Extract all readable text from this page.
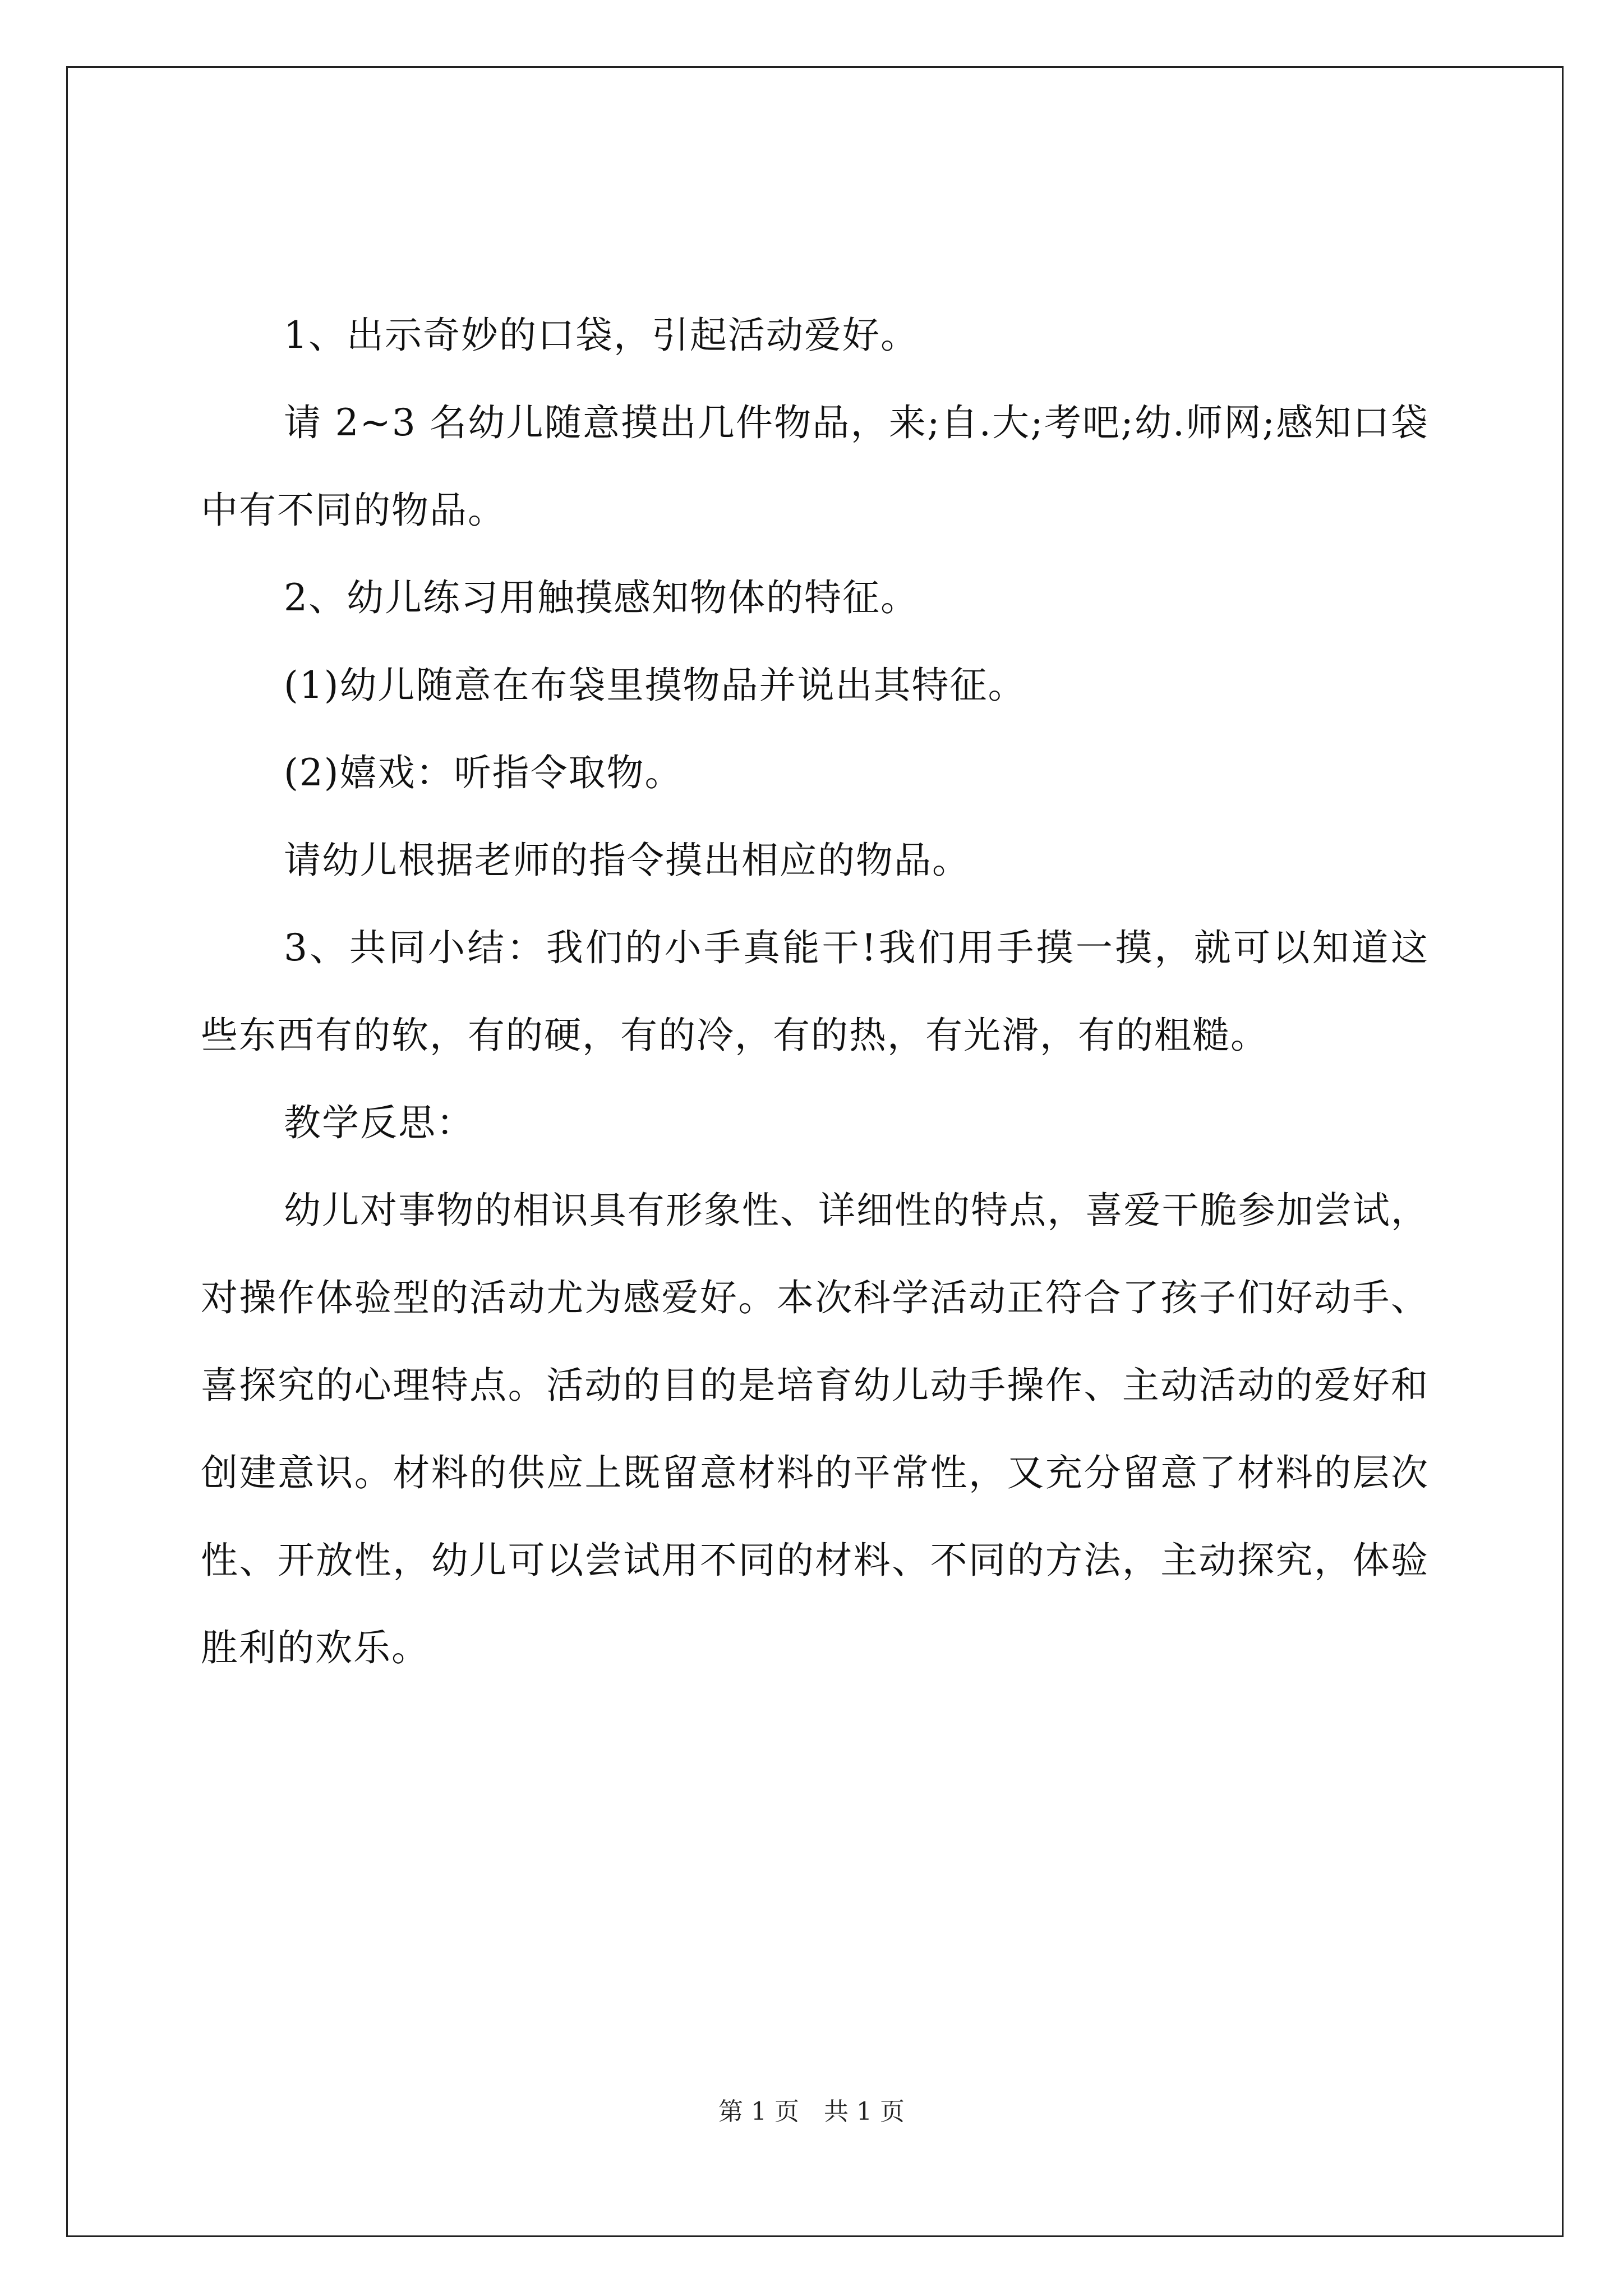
1、出示奇妙的口袋，引起活动爱好。

请 2~3 名幼儿随意摸出几件物品，来;自.大;考吧;幼.师网;感知口袋中有不同的物品。

2、幼儿练习用触摸感知物体的特征。

(1)幼儿随意在布袋里摸物品并说出其特征。

(2)嬉戏：听指令取物。

请幼儿根据老师的指令摸出相应的物品。

3、共同小结：我们的小手真能干!我们用手摸一摸，就可以知道这些东西有的软，有的硬，有的冷，有的热，有光滑，有的粗糙。

教学反思：

幼儿对事物的相识具有形象性、详细性的特点，喜爱干脆参加尝试，对操作体验型的活动尤为感爱好。本次科学活动正符合了孩子们好动手、喜探究的心理特点。活动的目的是培育幼儿动手操作、主动活动的爱好和创建意识。材料的供应上既留意材料的平常性，又充分留意了材料的层次性、开放性，幼儿可以尝试用不同的材料、不同的方法，主动探究，体验胜利的欢乐。

第 1 页 共 1 页
